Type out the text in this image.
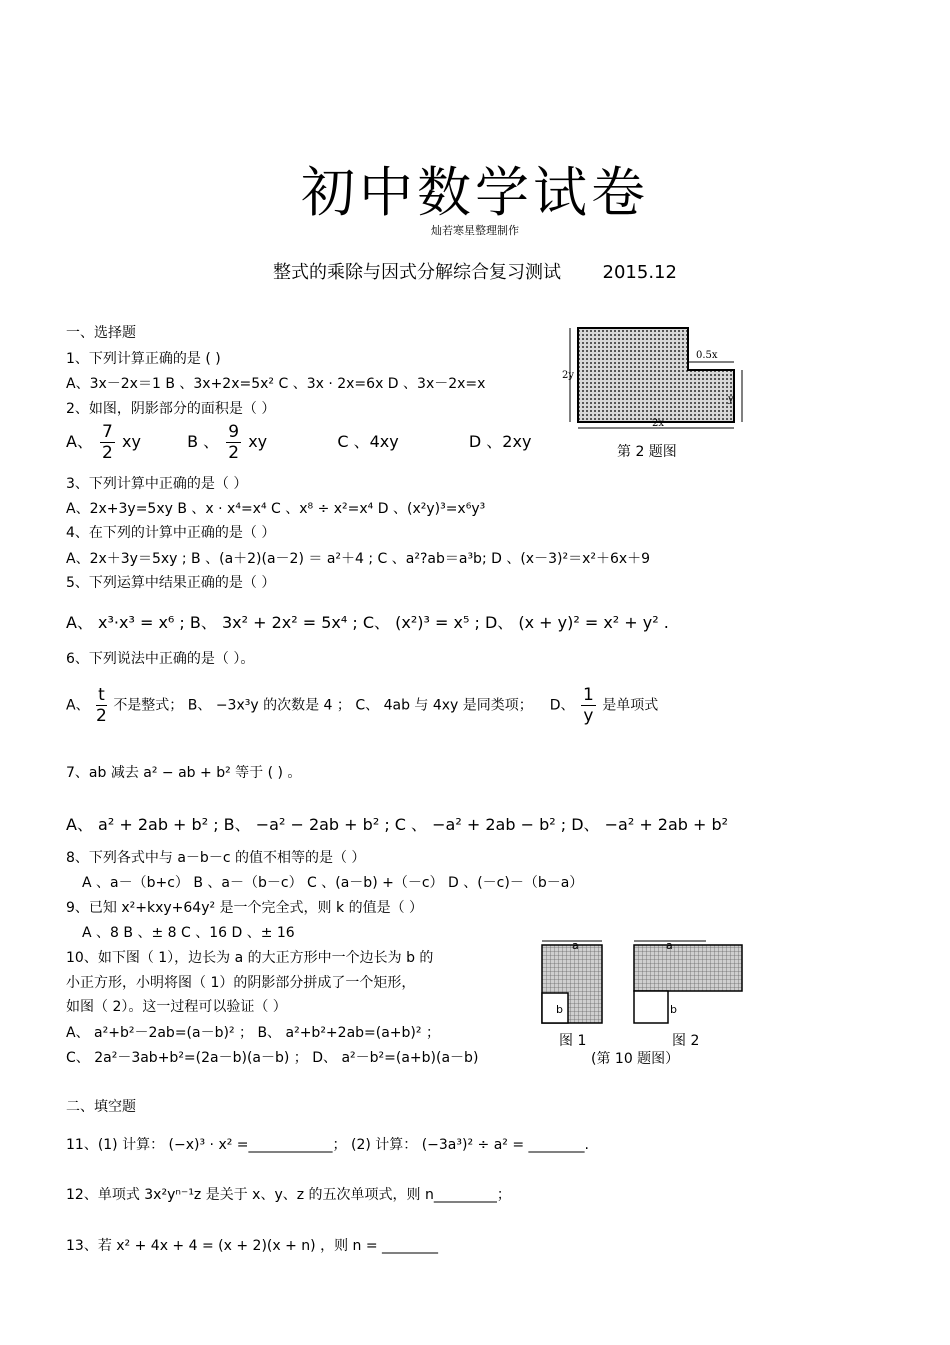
初中数学试卷
灿若寒星整理制作
整式的乘除与因式分解综合复习测试 2015.12
一、选择题
1、下列计算正确的是 ( )
A、3x－2x＝1 B 、3x+2x=5x² C 、3x · 2x=6x D 、3x－2x=x
2、如图，阴影部分的面积是（ ）
A、 $\frac{7}{2}$ xy	B 、 $\frac{9}{2}$ xy	C 、4xy	D 、2xy
0.5x
2y
y
2x
第 2 题图
3、下列计算中正确的是（ ）
A、2x+3y=5xy B 、x · x⁴=x⁴ C 、x⁸ ÷ x²=x⁴ D 、(x²y)³=x⁶y³
4、在下列的计算中正确的是（ ）
A、2x＋3y＝5xy ; B 、(a＋2)(a－2) ＝ a²＋4 ; C 、a²?ab＝a³b; D 、(x－3)²＝x²＋6x＋9
5、下列运算中结果正确的是（ ）
A、 x³·x³ = x⁶ ; B、 3x² + 2x² = 5x⁴ ; C、 (x²)³ = x⁵ ; D、 (x + y)² = x² + y² .
6、下列说法中正确的是（ ）。
A、 $\frac{t}{2}$ 不是整式； B、 −3x³y 的次数是 4 ； C、 4ab 与 4xy 是同类项； D、 $\frac{1}{y}$ 是单项式
7、ab 减去 a² − ab + b² 等于 ( ) 。
A、 a² + 2ab + b² ; B、 −a² − 2ab + b² ; C 、 −a² + 2ab − b² ; D、 −a² + 2ab + b²
8、下列各式中与 a－b－c 的值不相等的是（ ）
A 、a－（b+c） B 、a－（b－c） C 、(a－b) +（－c） D 、(－c)－（b－a）
9、已知 x²+kxy+64y² 是一个完全式，则 k 的值是（ ）
A 、8 B 、± 8 C 、16 D 、± 16
10、如下图（ 1），边长为 a 的大正方形中一个边长为 b 的
小正方形，小明将图（ 1）的阴影部分拼成了一个矩形，
如图（ 2）。这一过程可以验证（ ）
A、 a²+b²－2ab=(a－b)² ； B、 a²+b²+2ab=(a+b)² ；
C、 2a²－3ab+b²=(2a－b)(a－b) ； D、 a²－b²=(a+b)(a－b)
a
b
图 1
a
b
图 2
(第 10 题图）
二、填空题
11、(1) 计算： (−x)³ · x² =____________； (2) 计算： (−3a³)² ÷ a² = ________.
12、单项式 3x²yⁿ⁻¹z 是关于 x、y、z 的五次单项式，则 n_________；
13、若 x² + 4x + 4 = (x + 2)(x + n) ，则 n = ________
